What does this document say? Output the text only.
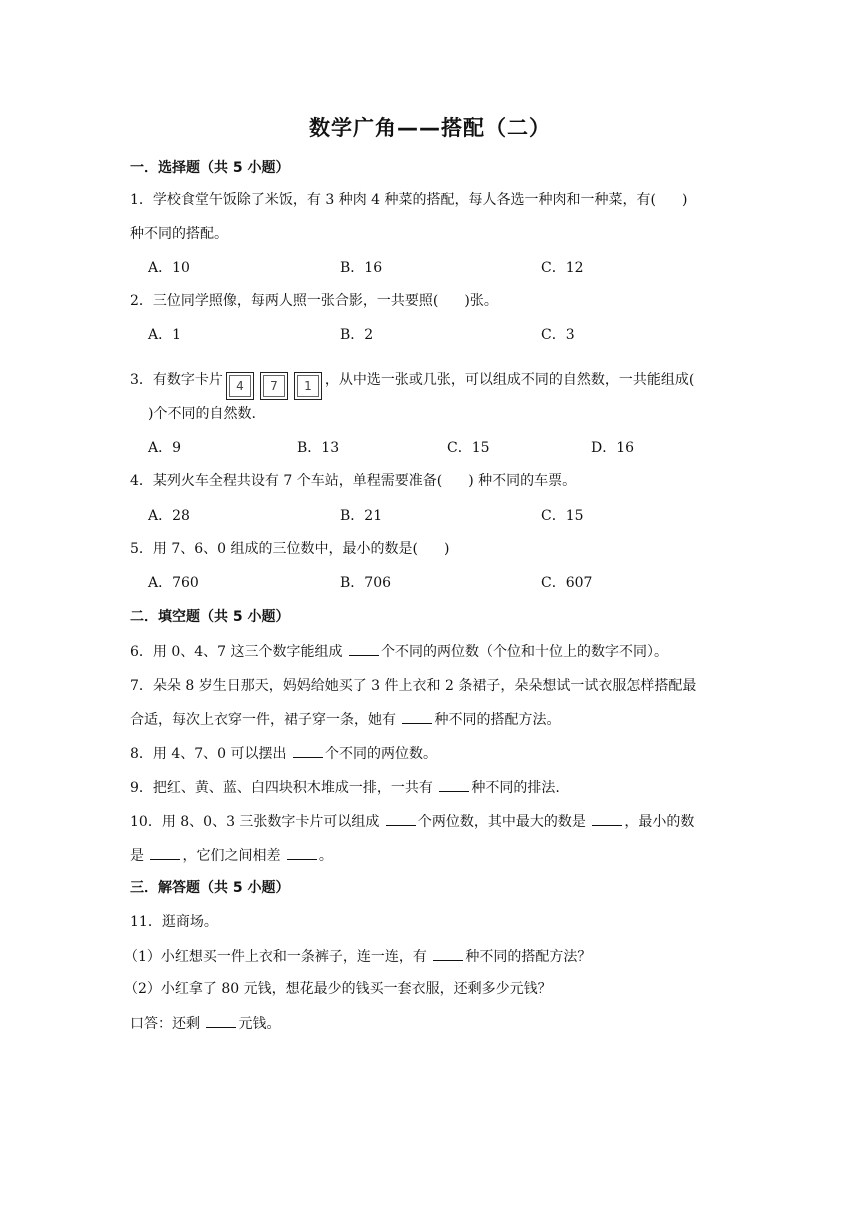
数学广角——搭配（二）
一．选择题（共 5 小题）
1．学校食堂午饭除了米饭，有 3 种肉 4 种菜的搭配，每人各选一种肉和一种菜，有( )
种不同的搭配。
A．10	B．16	C．12
2．三位同学照像，每两人照一张合影，一共要照( )张。
A．1	B．2	C．3
3．有数字卡片 4 7 1 ，从中选一张或几张，可以组成不同的自然数，一共能组成(
)个不同的自然数.
A．9	B．13	C．15	D．16
4．某列火车全程共设有 7 个车站，单程需要准备( ) 种不同的车票。
A．28	B．21	C．15
5．用 7、6、0 组成的三位数中，最小的数是( )
A．760	B．706	C．607
二．填空题（共 5 小题）
6．用 0、4、7 这三个数字能组成 个不同的两位数（个位和十位上的数字不同）。
7．朵朵 8 岁生日那天，妈妈给她买了 3 件上衣和 2 条裙子，朵朵想试一试衣服怎样搭配最
合适，每次上衣穿一件，裙子穿一条，她有 种不同的搭配方法。
8．用 4、7、0 可以摆出 个不同的两位数。
9．把红、黄、蓝、白四块积木堆成一排，一共有 种不同的排法.
10．用 8、0、3 三张数字卡片可以组成 个两位数，其中最大的数是 ，最小的数
是 ，它们之间相差 。
三．解答题（共 5 小题）
11．逛商场。
（1）小红想买一件上衣和一条裤子，连一连，有 种不同的搭配方法？
（2）小红拿了 80 元钱，想花最少的钱买一套衣服，还剩多少元钱？
口答：还剩 元钱。
